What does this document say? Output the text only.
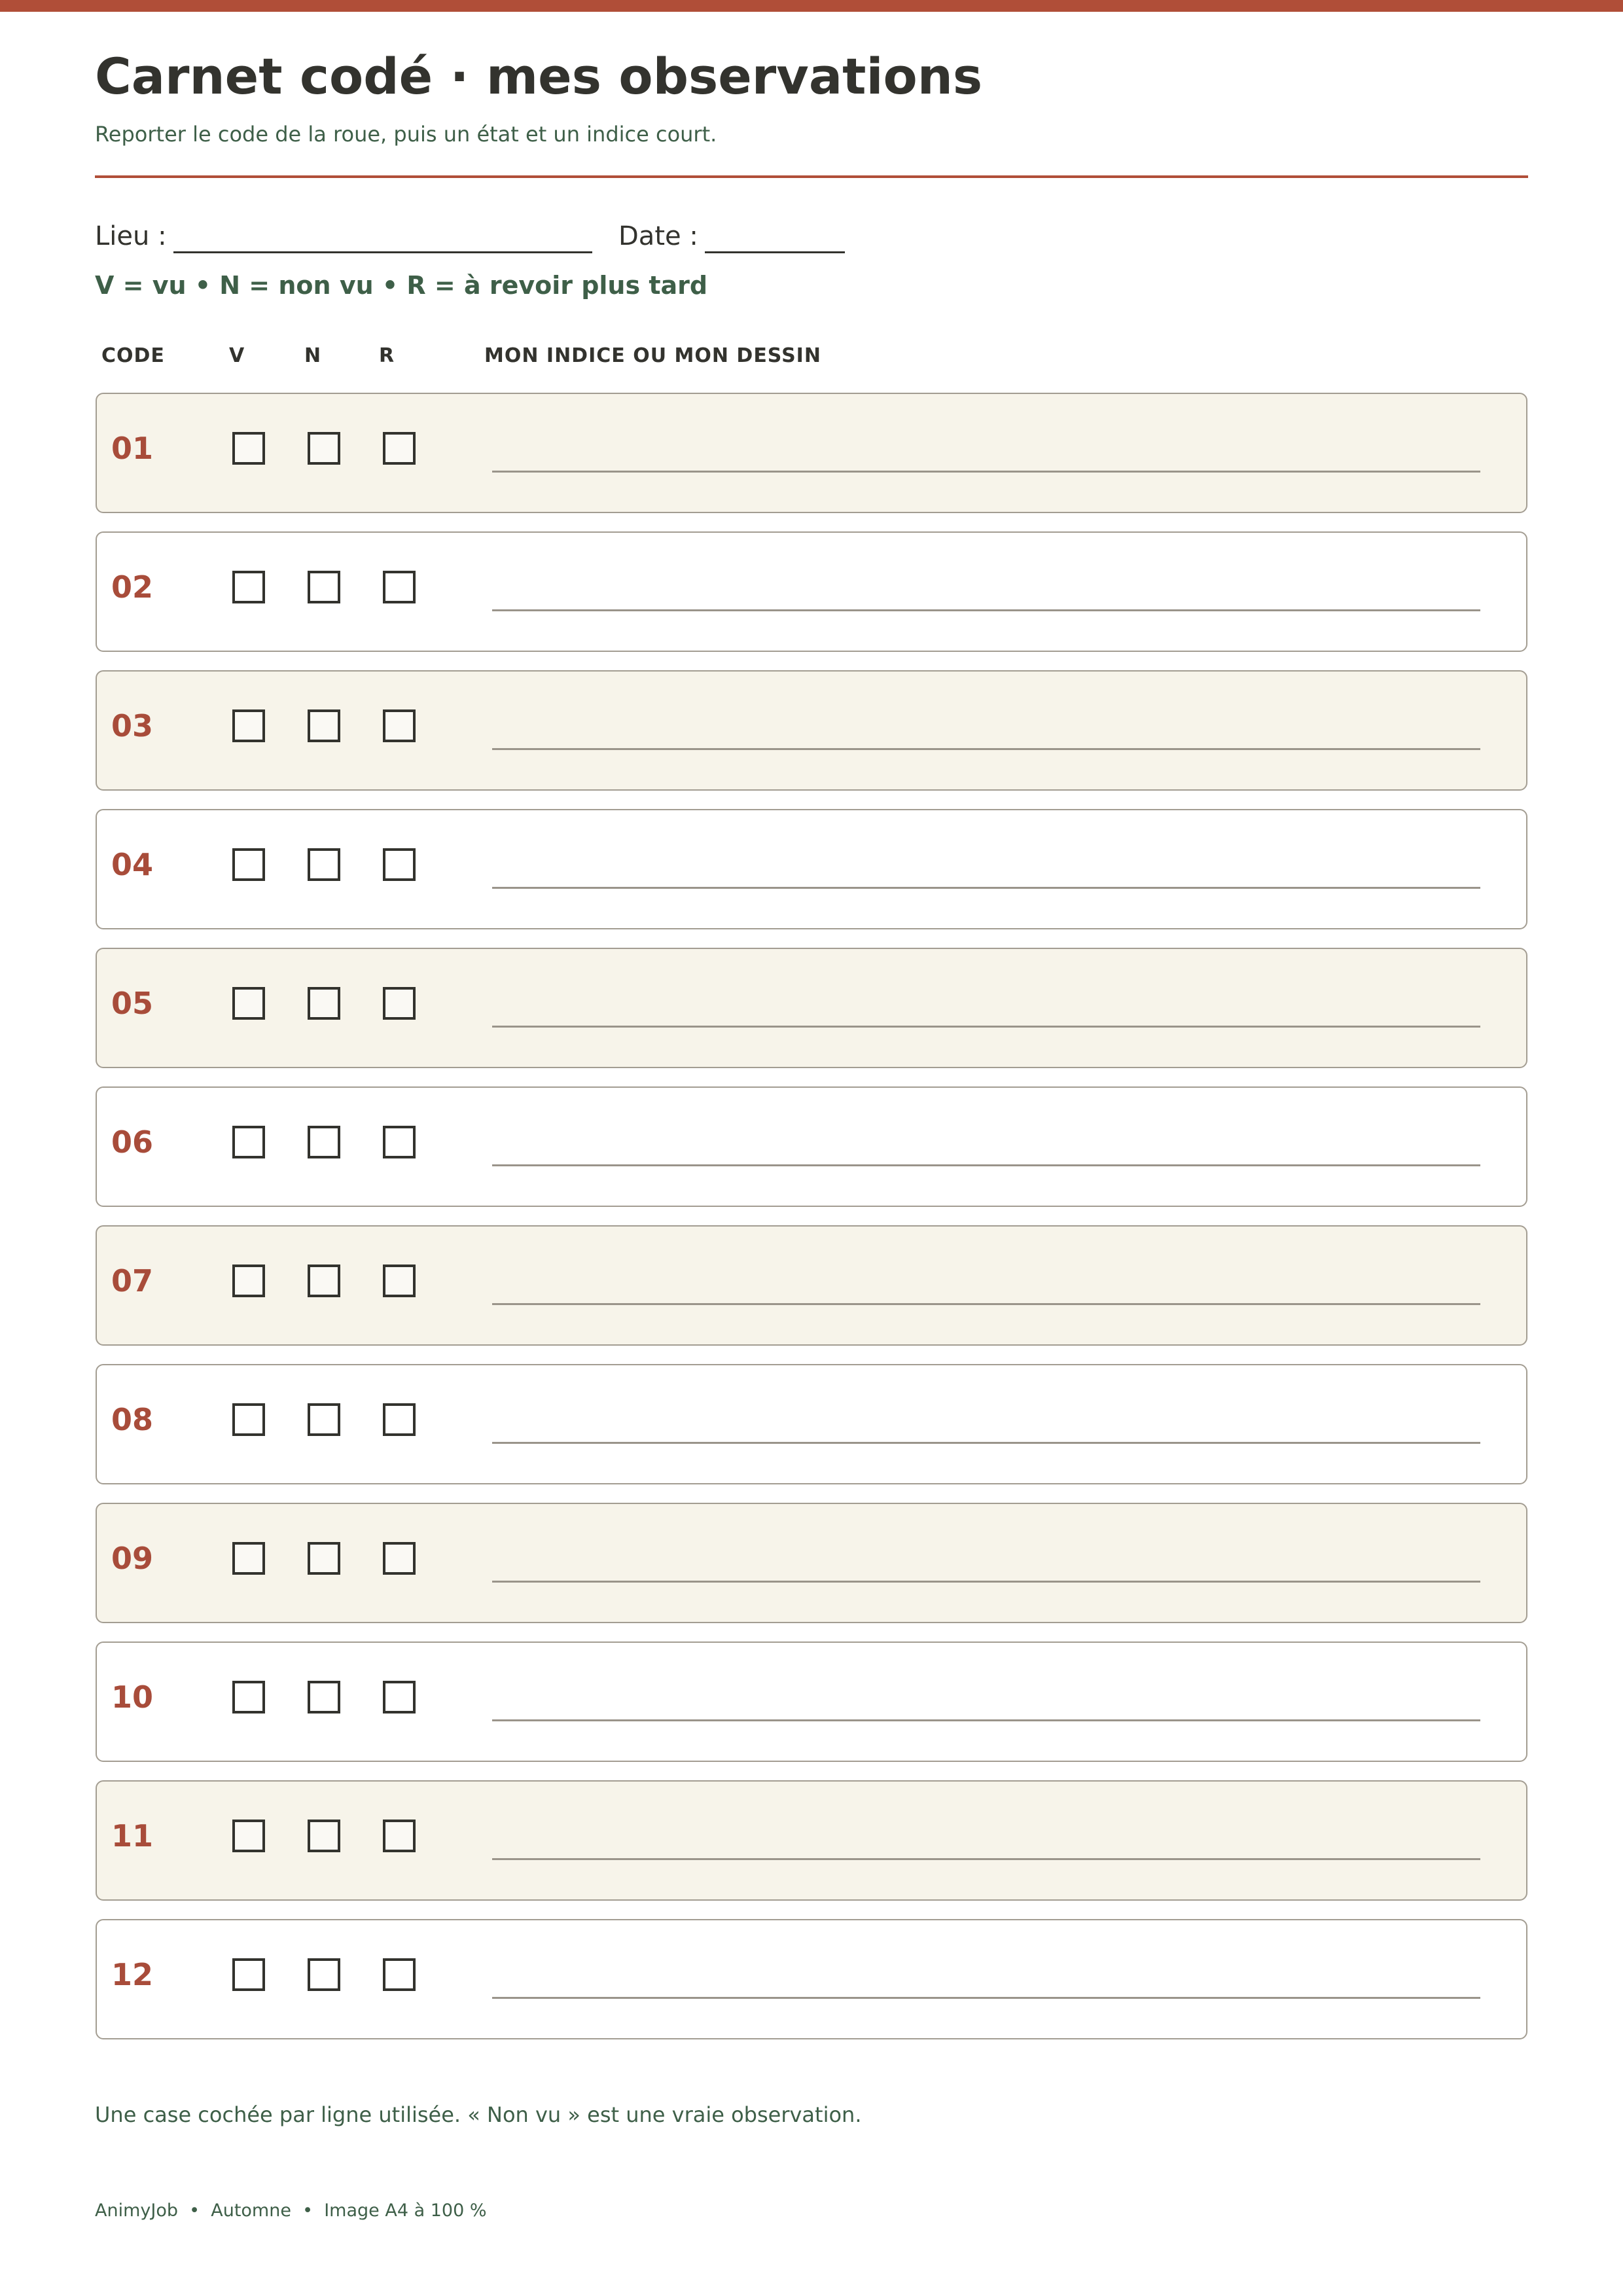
Carnet codé · mes observations
Reporter le code de la roue, puis un état et un indice court.
Lieu :	Date :
V = vu • N = non vu • R = à revoir plus tard
CODE	V	N	R	MON INDICE OU MON DESSIN
01
02
03
04
05
06
07
08
09
10
11
12
Une case cochée par ligne utilisée. « Non vu » est une vraie observation.
AnimyJob  •  Automne  •  Image A4 à 100 %
